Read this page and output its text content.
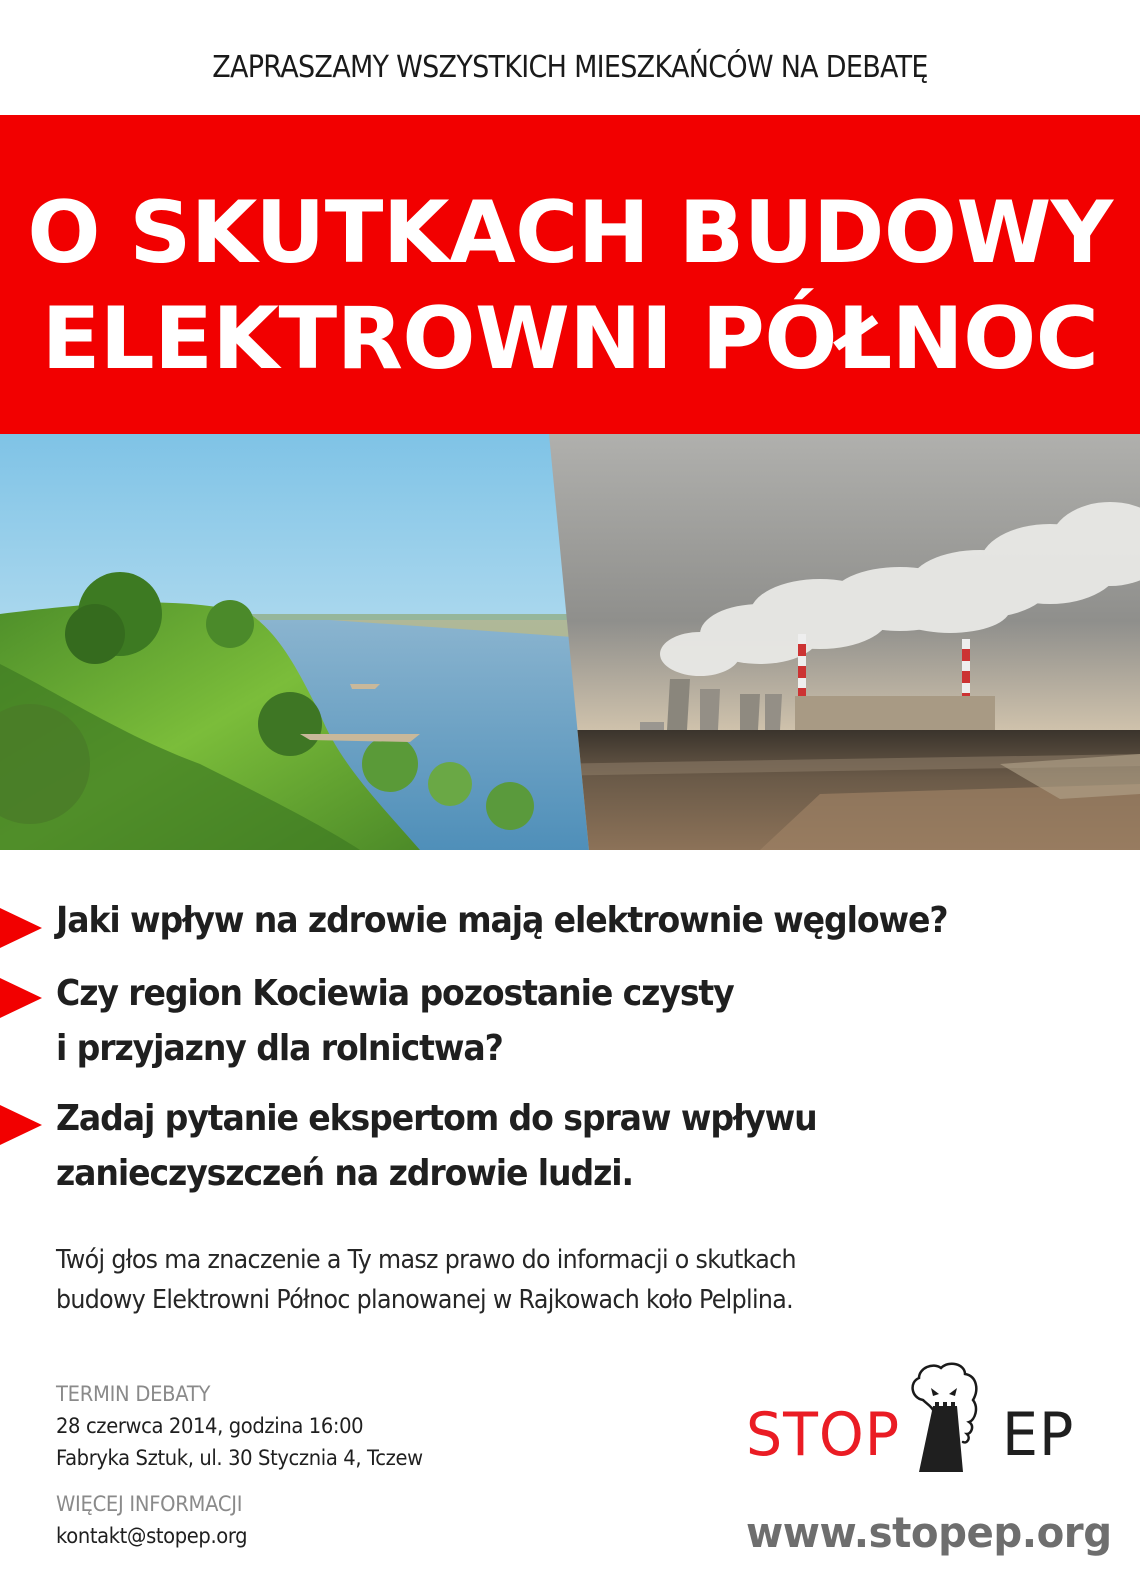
ZAPRASZAMY WSZYSTKICH MIESZKAŃCÓW NA DEBATĘ
O SKUTKACH BUDOWY
ELEKTROWNI PÓŁNOC
Jaki wpływ na zdrowie mają elektrownie węglowe?
Czy region Kociewia pozostanie czysty
i przyjazny dla rolnictwa?
Zadaj pytanie ekspertom do spraw wpływu
zanieczyszczeń na zdrowie ludzi.
Twój głos ma znaczenie a Ty masz prawo do informacji o skutkach
budowy Elektrowni Północ planowanej w Rajkowach koło Pelplina.
TERMIN DEBATY
28 czerwca 2014, godzina 16:00
Fabryka Sztuk, ul. 30 Stycznia 4, Tczew
WIĘCEJ INFORMACJI
kontakt@stopep.org
STOP EP
www.stopep.org
